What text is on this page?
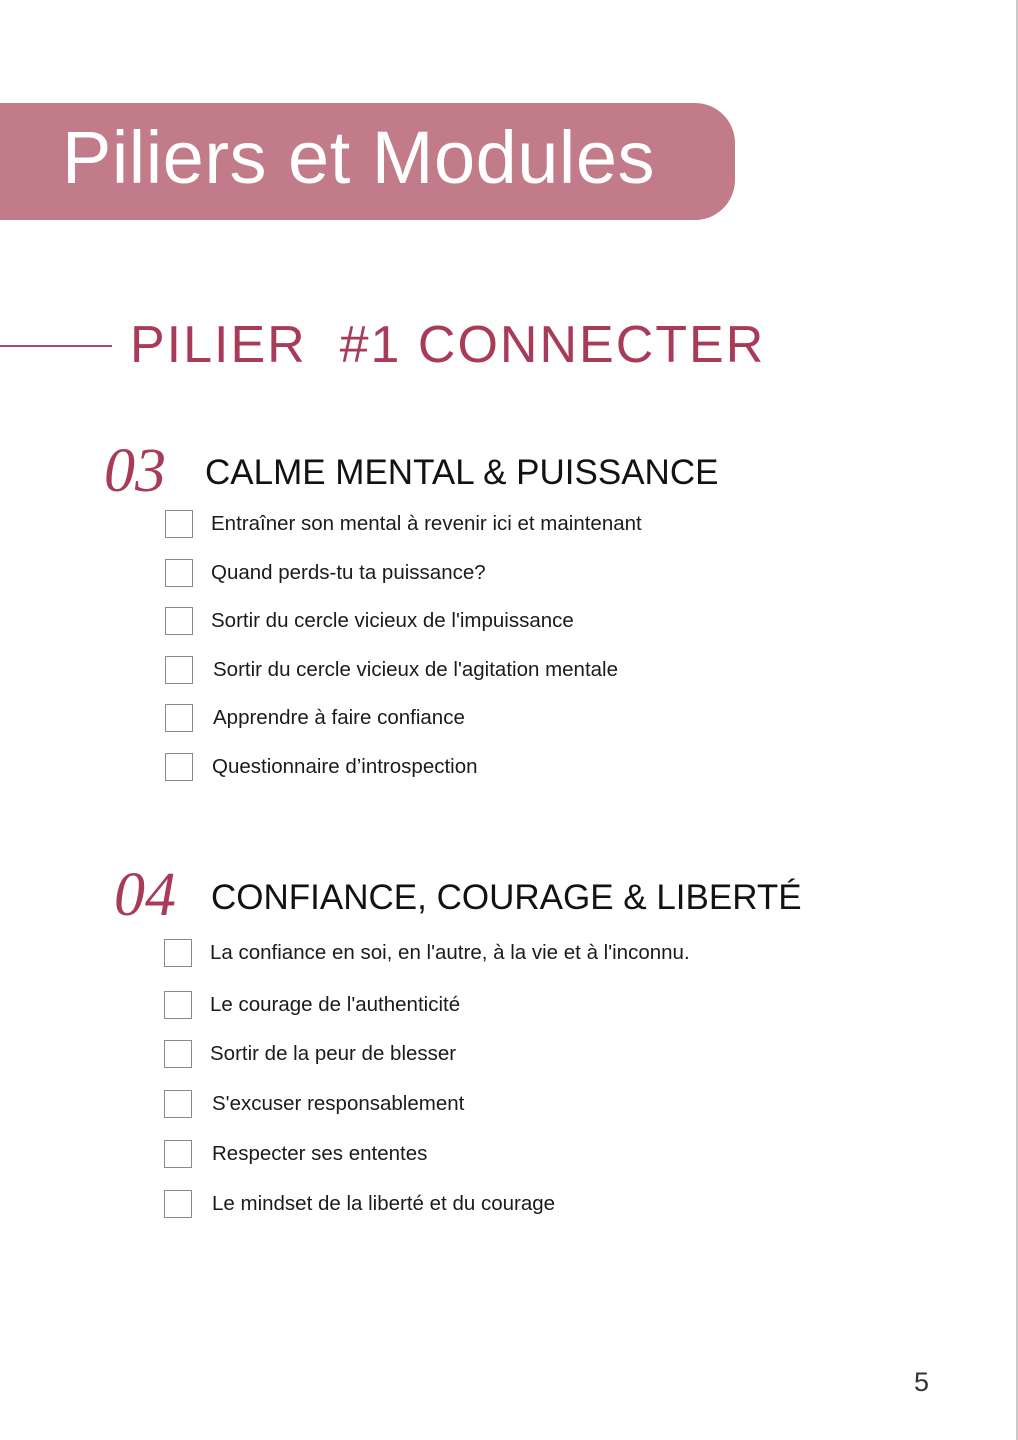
Piliers et Modules
PILIER  #1 CONNECTER
03 CALME MENTAL & PUISSANCE
Entraîner son mental à revenir ici et maintenant
Quand perds-tu ta puissance?
Sortir du cercle vicieux de l'impuissance
Sortir du cercle vicieux de l'agitation mentale
Apprendre à faire confiance
Questionnaire d’introspection
04 CONFIANCE, COURAGE & LIBERTÉ
La confiance en soi, en l'autre, à la vie et à l'inconnu.
Le courage de l'authenticité
Sortir de la peur de blesser
S'excuser responsablement
Respecter ses ententes
Le mindset de la liberté et du courage
5
